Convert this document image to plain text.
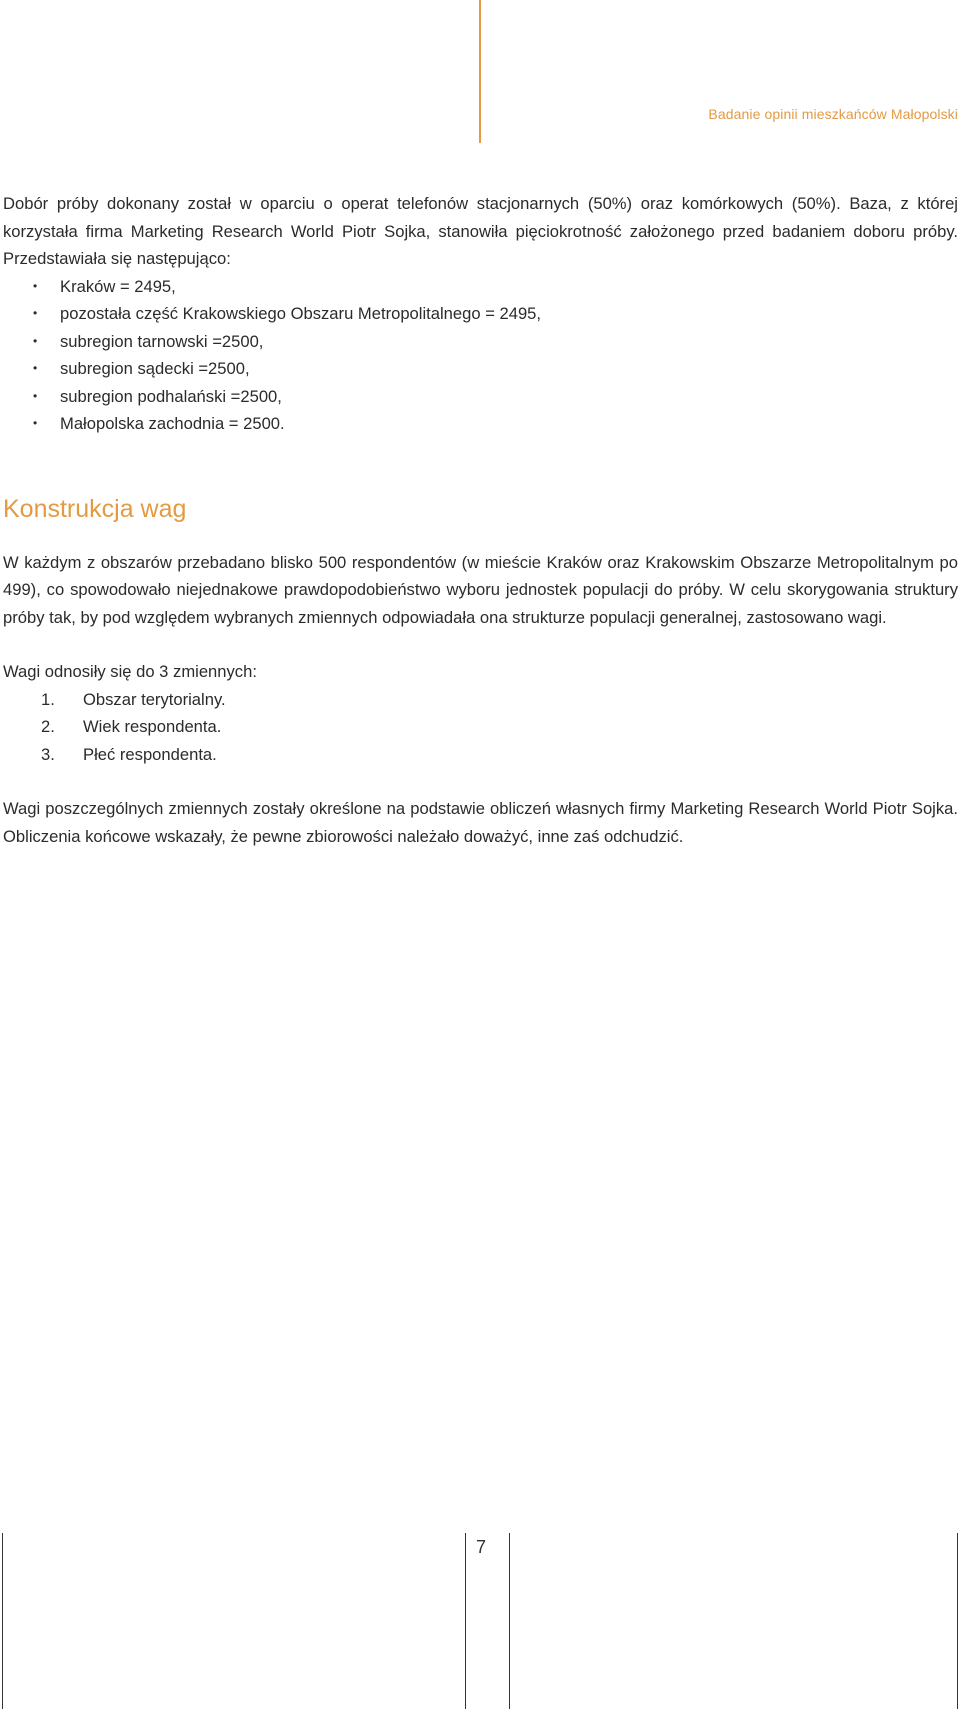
Badanie opinii mieszkańców Małopolski

Dobór próby dokonany został w oparciu o operat telefonów stacjonarnych (50%) oraz komórkowych (50%). Baza, z której korzystała firma Marketing Research World Piotr Sojka, stanowiła pięciokrotność założonego przed badaniem doboru próby. Przedstawiała się następująco:

• Kraków = 2495,
• pozostała część Krakowskiego Obszaru Metropolitalnego = 2495,
• subregion tarnowski =2500,
• subregion sądecki =2500,
• subregion podhalański =2500,
• Małopolska zachodnia = 2500.
Konstrukcja wag

W każdym z obszarów przebadano blisko 500 respondentów (w mieście Kraków oraz Krakowskim Obszarze Metropolitalnym po 499), co spowodowało niejednakowe prawdopodobieństwo wyboru jednostek populacji do próby. W celu skorygowania struktury próby tak, by pod względem wybranych zmiennych odpowiadała ona strukturze populacji generalnej, zastosowano wagi.

Wagi odnosiły się do 3 zmiennych:

1. Obszar terytorialny.
2. Wiek respondenta.
3. Płeć respondenta.

Wagi poszczególnych zmiennych zostały określone na podstawie obliczeń własnych firmy Marketing Research World Piotr Sojka. Obliczenia końcowe wskazały, że pewne zbiorowości należało doważyć, inne zaś odchudzić.

7
